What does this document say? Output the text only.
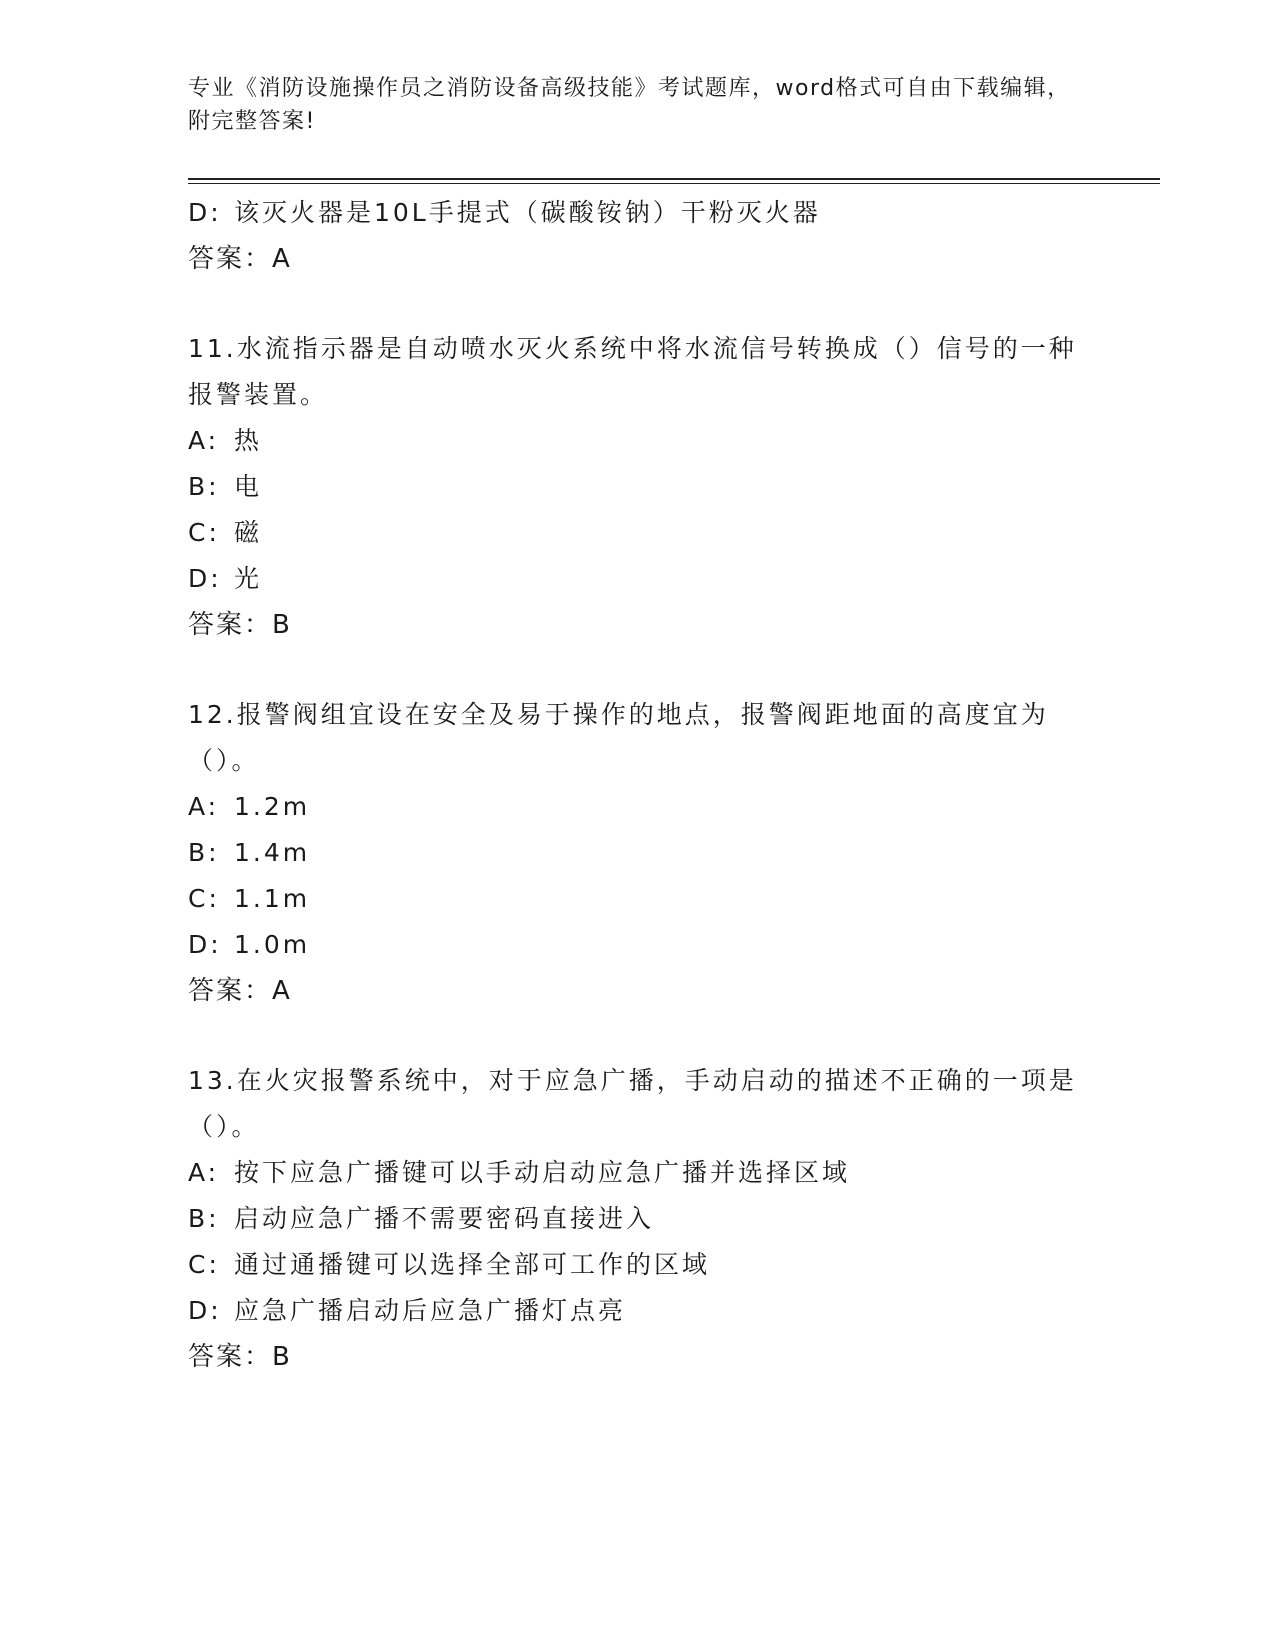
专业《消防设施操作员之消防设备高级技能》考试题库，word格式可自由下载编辑，附完整答案!
D: 该灭火器是10L手提式（碳酸铵钠）干粉灭火器
答案：A
11.水流指示器是自动喷水灭火系统中将水流信号转换成（）信号的一种报警装置。
A: 热
B: 电
C: 磁
D: 光
答案：B
12.报警阀组宜设在安全及易于操作的地点，报警阀距地面的高度宜为（）。
A: 1.2m
B: 1.4m
C: 1.1m
D: 1.0m
答案：A
13.在火灾报警系统中，对于应急广播，手动启动的描述不正确的一项是（）。
A: 按下应急广播键可以手动启动应急广播并选择区域
B: 启动应急广播不需要密码直接进入
C: 通过通播键可以选择全部可工作的区域
D: 应急广播启动后应急广播灯点亮
答案：B
